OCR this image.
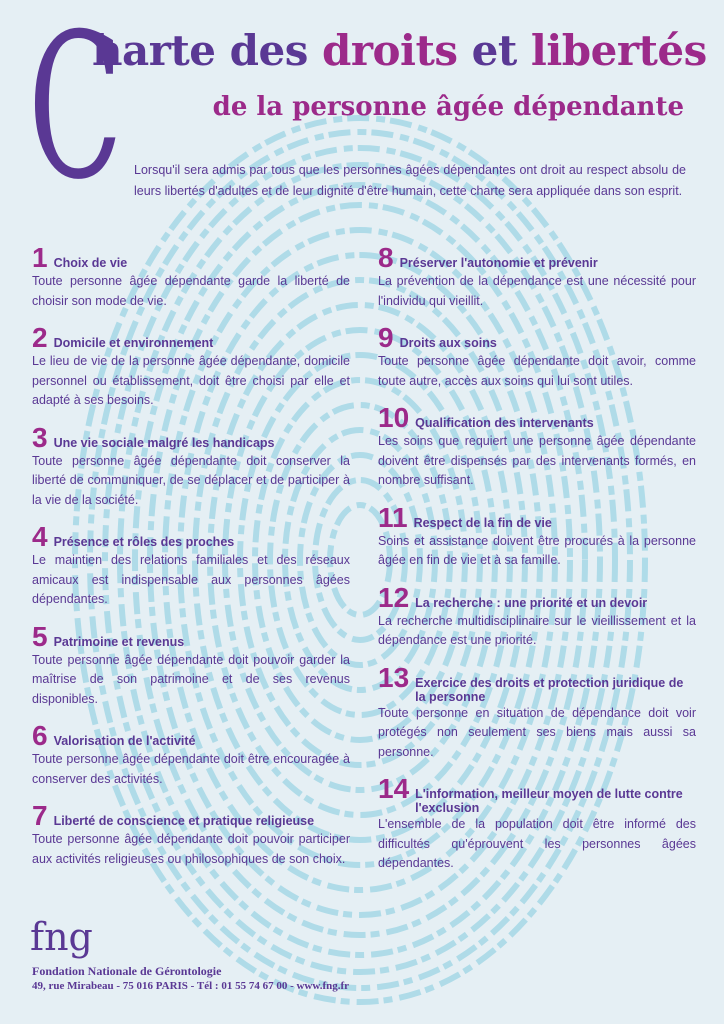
C
harte des droits et libertés
de la personne âgée dépendante
Lorsqu'il sera admis par tous que les personnes âgées dépendantes ont droit au respect absolu de leurs libertés d'adultes et de leur dignité d'être humain, cette charte sera appliquée dans son esprit.
1 Choix de vie
Toute personne âgée dépendante garde la liberté de choisir son mode de vie.
2 Domicile et environnement
Le lieu de vie de la personne âgée dépendante, domicile personnel ou établissement, doit être choisi par elle et adapté à ses besoins.
3 Une vie sociale malgré les handicaps
Toute personne âgée dépendante doit conserver la liberté de communiquer, de se déplacer et de participer à la vie de la société.
4 Présence et rôles des proches
Le maintien des relations familiales et des réseaux amicaux est indispensable aux personnes âgées dépendantes.
5 Patrimoine et revenus
Toute personne âgée dépendante doit pouvoir garder la maîtrise de son patrimoine et de ses revenus disponibles.
6 Valorisation de l'activité
Toute personne âgée dépendante doit être encouragée à conserver des activités.
7 Liberté de conscience et pratique religieuse
Toute personne âgée dépendante doit pouvoir participer aux activités religieuses ou philosophiques de son choix.
8 Préserver l'autonomie et prévenir
La prévention de la dépendance est une nécessité pour l'individu qui vieillit.
9 Droits aux soins
Toute personne âgée dépendante doit avoir, comme toute autre, accès aux soins qui lui sont utiles.
10 Qualification des intervenants
Les soins que requiert une personne âgée dépendante doivent être dispensés par des intervenants formés, en nombre suffisant.
11 Respect de la fin de vie
Soins et assistance doivent être procurés à la personne âgée en fin de vie et à sa famille.
12 La recherche : une priorité et un devoir
La recherche multidisciplinaire sur le vieillissement et la dépendance est une priorité.
13 Exercice des droits et protection juridique de la personne
Toute personne en situation de dépendance doit voir protégés non seulement ses biens mais aussi sa personne.
14 L'information, meilleur moyen de lutte contre l'exclusion
L'ensemble de la population doit être informé des difficultés qu'éprouvent les personnes âgées dépendantes.
fng
Fondation Nationale de Gérontologie
49, rue Mirabeau - 75 016 PARIS - Tél : 01 55 74 67 00 - www.fng.fr
